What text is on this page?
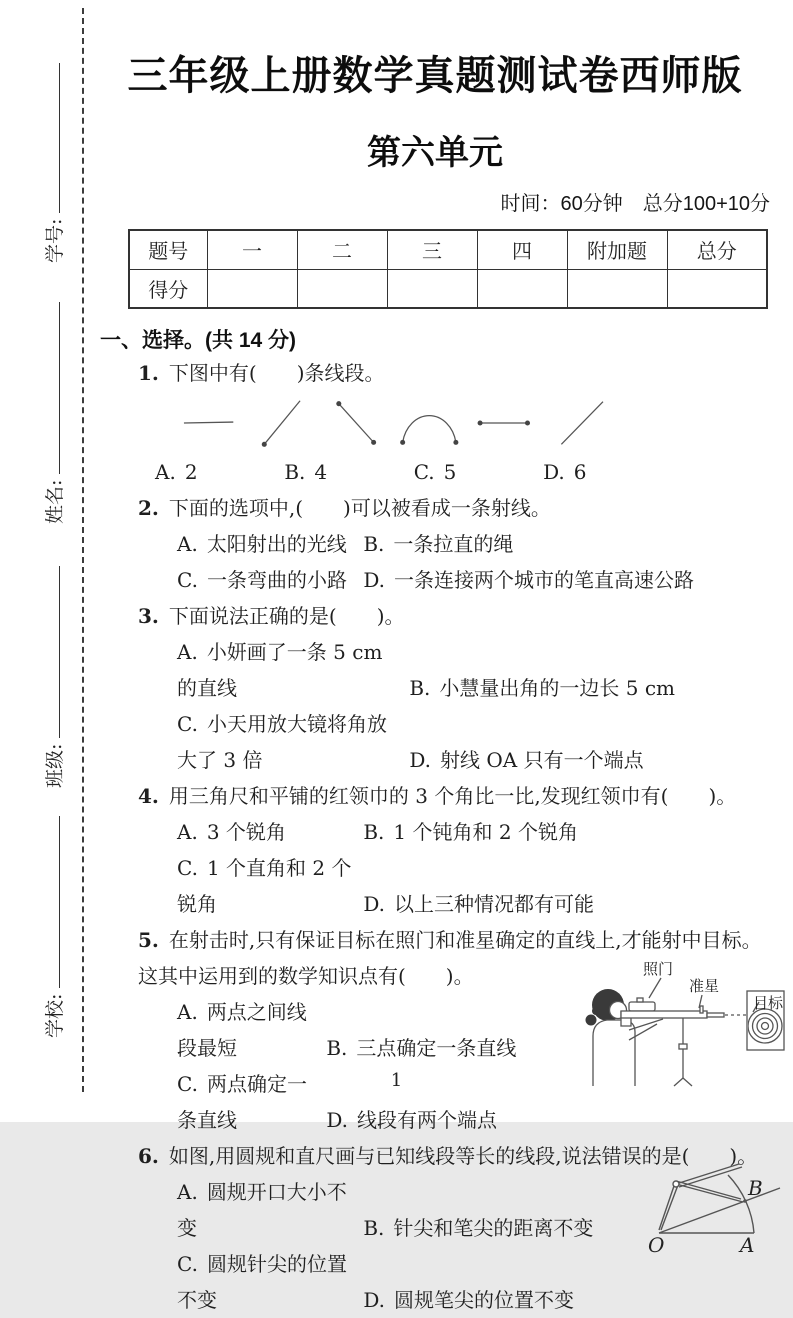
学号:
姓名:
班级:
学校:
三年级上册数学真题测试卷西师版
第六单元
时间：60分钟　总分100+10分
题号	一	二	三	四	附加题	总分
得分						
一、选择。(共 14 分)
1. 下图中有(　　)条线段。
A. 2	B. 4	C. 5	D. 6
2. 下面的选项中,(　　)可以被看成一条射线。
A. 太阳射出的光线 B. 一条拉直的绳
C. 一条弯曲的小路 D. 一条连接两个城市的笔直高速公路
3. 下面说法正确的是(　　)。
A. 小妍画了一条 5 cm 的直线	B. 小慧量出角的一边长 5 cm
C. 小天用放大镜将角放大了 3 倍	D. 射线 OA 只有一个端点
4. 用三角尺和平铺的红领巾的 3 个角比一比,发现红领巾有(　　)。
A. 3 个锐角	B. 1 个钝角和 2 个锐角
C. 1 个直角和 2 个锐角	D. 以上三种情况都有可能
5. 在射击时,只有保证目标在照门和准星确定的直线上,才能射中目标。
这其中运用到的数学知识点有(　　)。
A. 两点之间线段最短	B. 三点确定一条直线
C. 两点确定一条直线	D. 线段有两个端点
照门
准星
目标
6. 如图,用圆规和直尺画与已知线段等长的线段,说法错误的是(　　)。
A. 圆规开口大小不变	B. 针尖和笔尖的距离不变
C. 圆规针尖的位置不变	D. 圆规笔尖的位置不变
O	A
B
1
